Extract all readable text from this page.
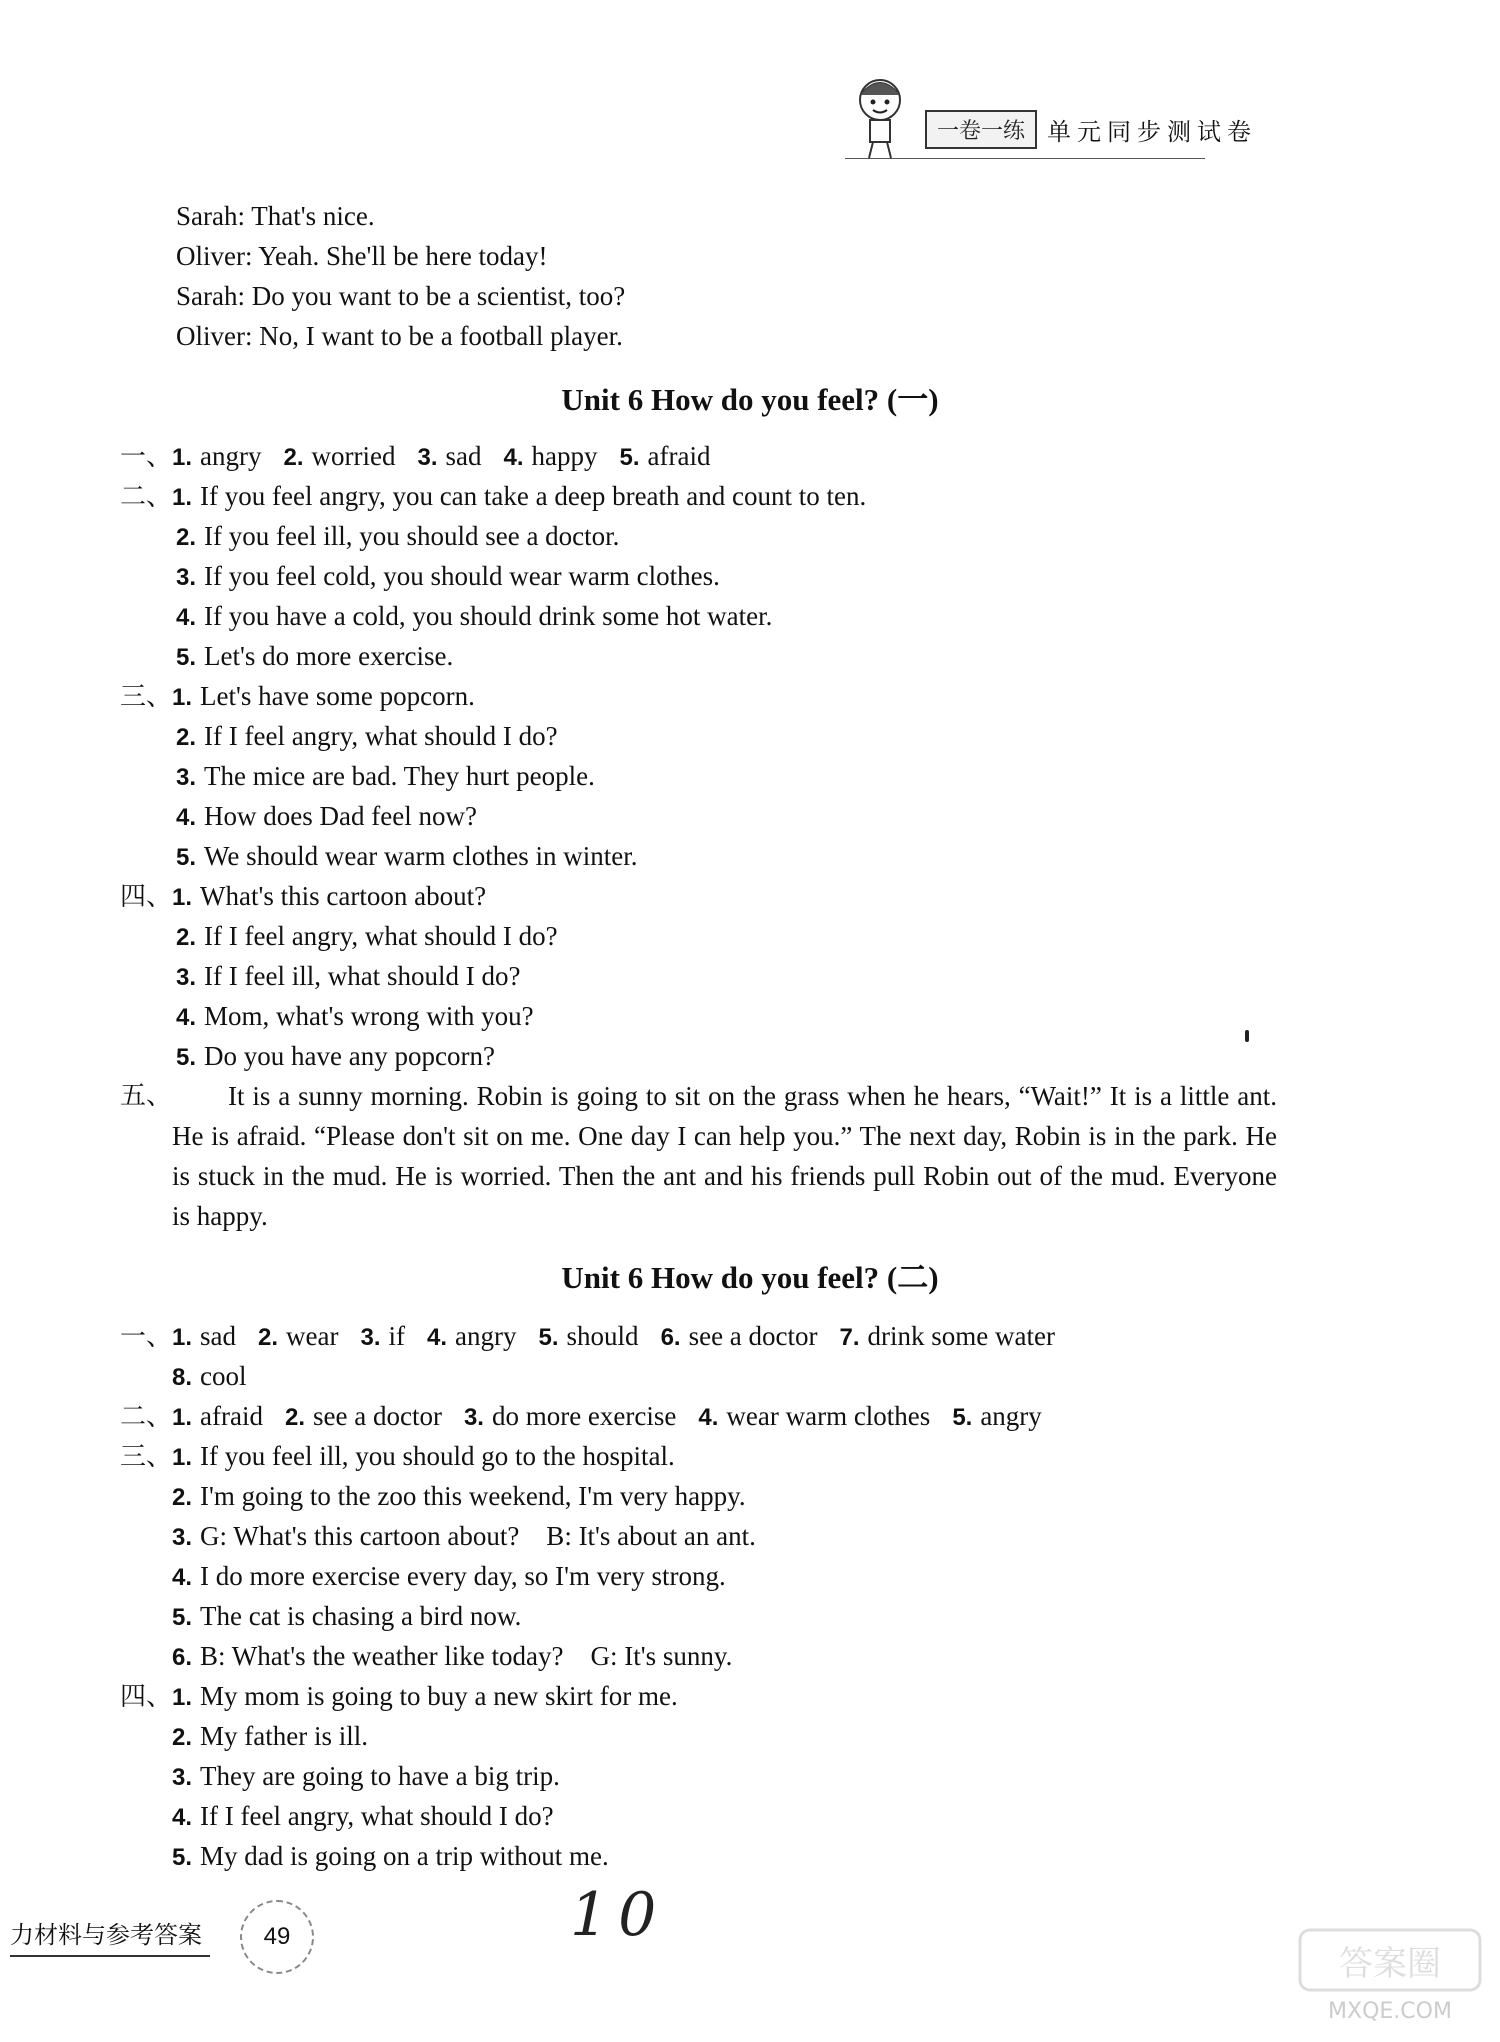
一卷一练 单元同步测试卷
Sarah: That's nice.
Oliver: Yeah. She'll be here today!
Sarah: Do you want to be a scientist, too?
Oliver: No, I want to be a football player.
Unit 6 How do you feel? (一)
一、1. angry 2. worried 3. sad 4. happy 5. afraid
二、1. If you feel angry, you can take a deep breath and count to ten.
2. If you feel ill, you should see a doctor.
3. If you feel cold, you should wear warm clothes.
4. If you have a cold, you should drink some hot water.
5. Let's do more exercise.
三、1. Let's have some popcorn.
2. If I feel angry, what should I do?
3. The mice are bad. They hurt people.
4. How does Dad feel now?
5. We should wear warm clothes in winter.
四、1. What's this cartoon about?
2. If I feel angry, what should I do?
3. If I feel ill, what should I do?
4. Mom, what's wrong with you?
5. Do you have any popcorn?
五、	It is a sunny morning. Robin is going to sit on the grass when he hears, “Wait!” It is a little ant. He is afraid. “Please don't sit on me. One day I can help you.” The next day, Robin is in the park. He is stuck in the mud. He is worried. Then the ant and his friends pull Robin out of the mud. Everyone is happy.
Unit 6 How do you feel? (二)
一、1. sad 2. wear 3. if 4. angry 5. should 6. see a doctor 7. drink some water
8. cool
二、1. afraid 2. see a doctor 3. do more exercise 4. wear warm clothes 5. angry
三、1. If you feel ill, you should go to the hospital.
2. I'm going to the zoo this weekend, I'm very happy.
3. G: What's this cartoon about?    B: It's about an ant.
4. I do more exercise every day, so I'm very strong.
5. The cat is chasing a bird now.
6. B: What's the weather like today?    G: It's sunny.
四、1. My mom is going to buy a new skirt for me.
2. My father is ill.
3. They are going to have a big trip.
4. If I feel angry, what should I do?
5. My dad is going on a trip without me.
力材料与参考答案	49	10
答案圈
MXQE.COM
